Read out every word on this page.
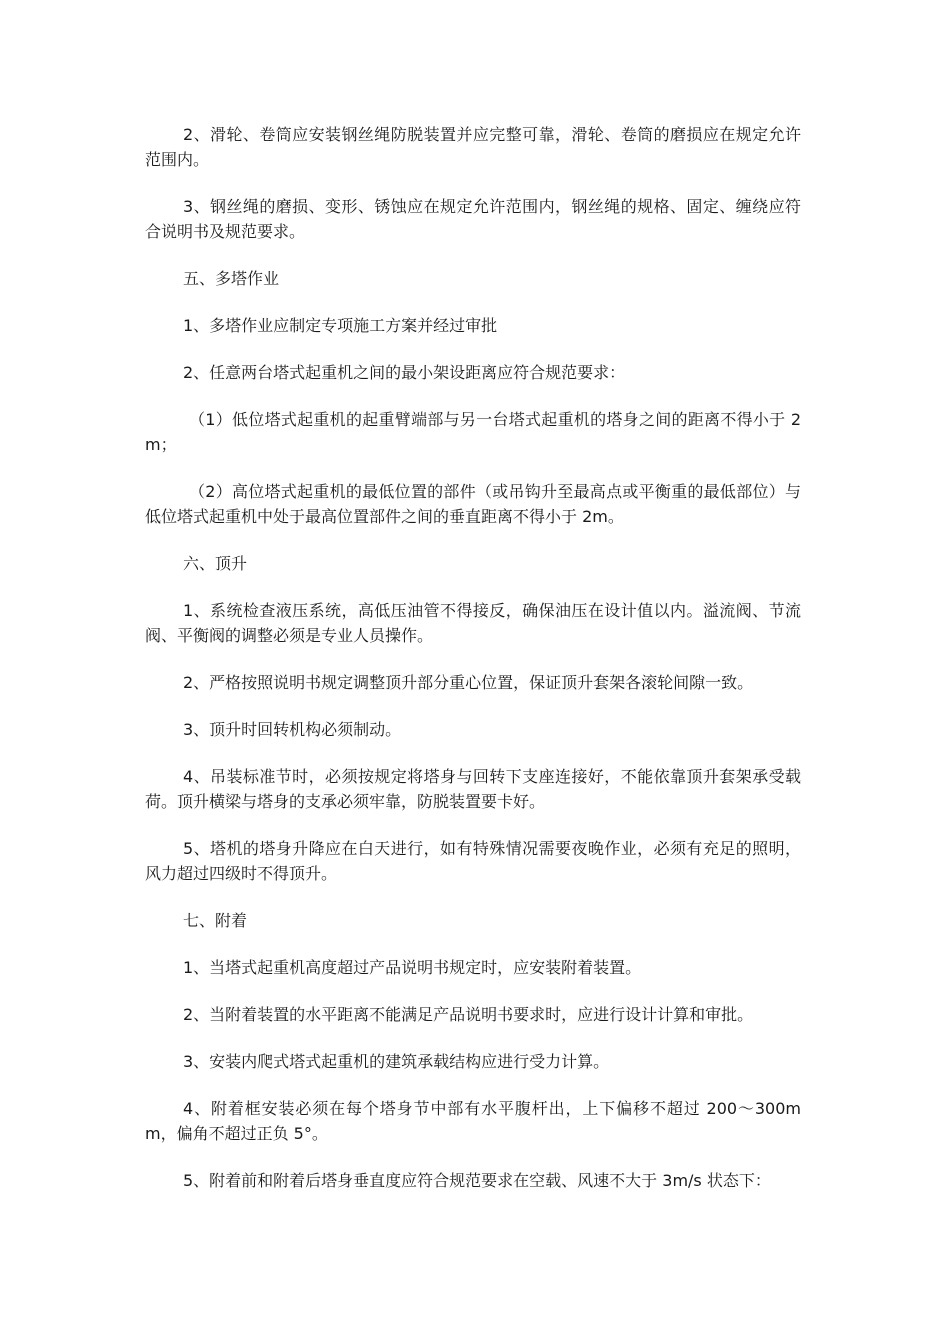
2、滑轮、卷筒应安装钢丝绳防脱装置并应完整可靠，滑轮、卷筒的磨损应在规定允许范围内。

3、钢丝绳的磨损、变形、锈蚀应在规定允许范围内，钢丝绳的规格、固定、缠绕应符合说明书及规范要求。

五、多塔作业

1、多塔作业应制定专项施工方案并经过审批

2、任意两台塔式起重机之间的最小架设距离应符合规范要求：

（1）低位塔式起重机的起重臂端部与另一台塔式起重机的塔身之间的距离不得小于 2m；

（2）高位塔式起重机的最低位置的部件（或吊钩升至最高点或平衡重的最低部位）与低位塔式起重机中处于最高位置部件之间的垂直距离不得小于 2m。

六、顶升

1、系统检查液压系统，高低压油管不得接反，确保油压在设计值以内。溢流阀、节流阀、平衡阀的调整必须是专业人员操作。

2、严格按照说明书规定调整顶升部分重心位置，保证顶升套架各滚轮间隙一致。

3、顶升时回转机构必须制动。

4、吊装标准节时，必须按规定将塔身与回转下支座连接好，不能依靠顶升套架承受载荷。顶升横梁与塔身的支承必须牢靠，防脱装置要卡好。

5、塔机的塔身升降应在白天进行，如有特殊情况需要夜晚作业，必须有充足的照明，风力超过四级时不得顶升。

七、附着

1、当塔式起重机高度超过产品说明书规定时，应安装附着装置。

2、当附着装置的水平距离不能满足产品说明书要求时，应进行设计计算和审批。

3、安装内爬式塔式起重机的建筑承载结构应进行受力计算。

4、附着框安装必须在每个塔身节中部有水平腹杆出，上下偏移不超过 200～300mm，偏角不超过正负 5°。

5、附着前和附着后塔身垂直度应符合规范要求在空载、风速不大于 3m/s 状态下：
